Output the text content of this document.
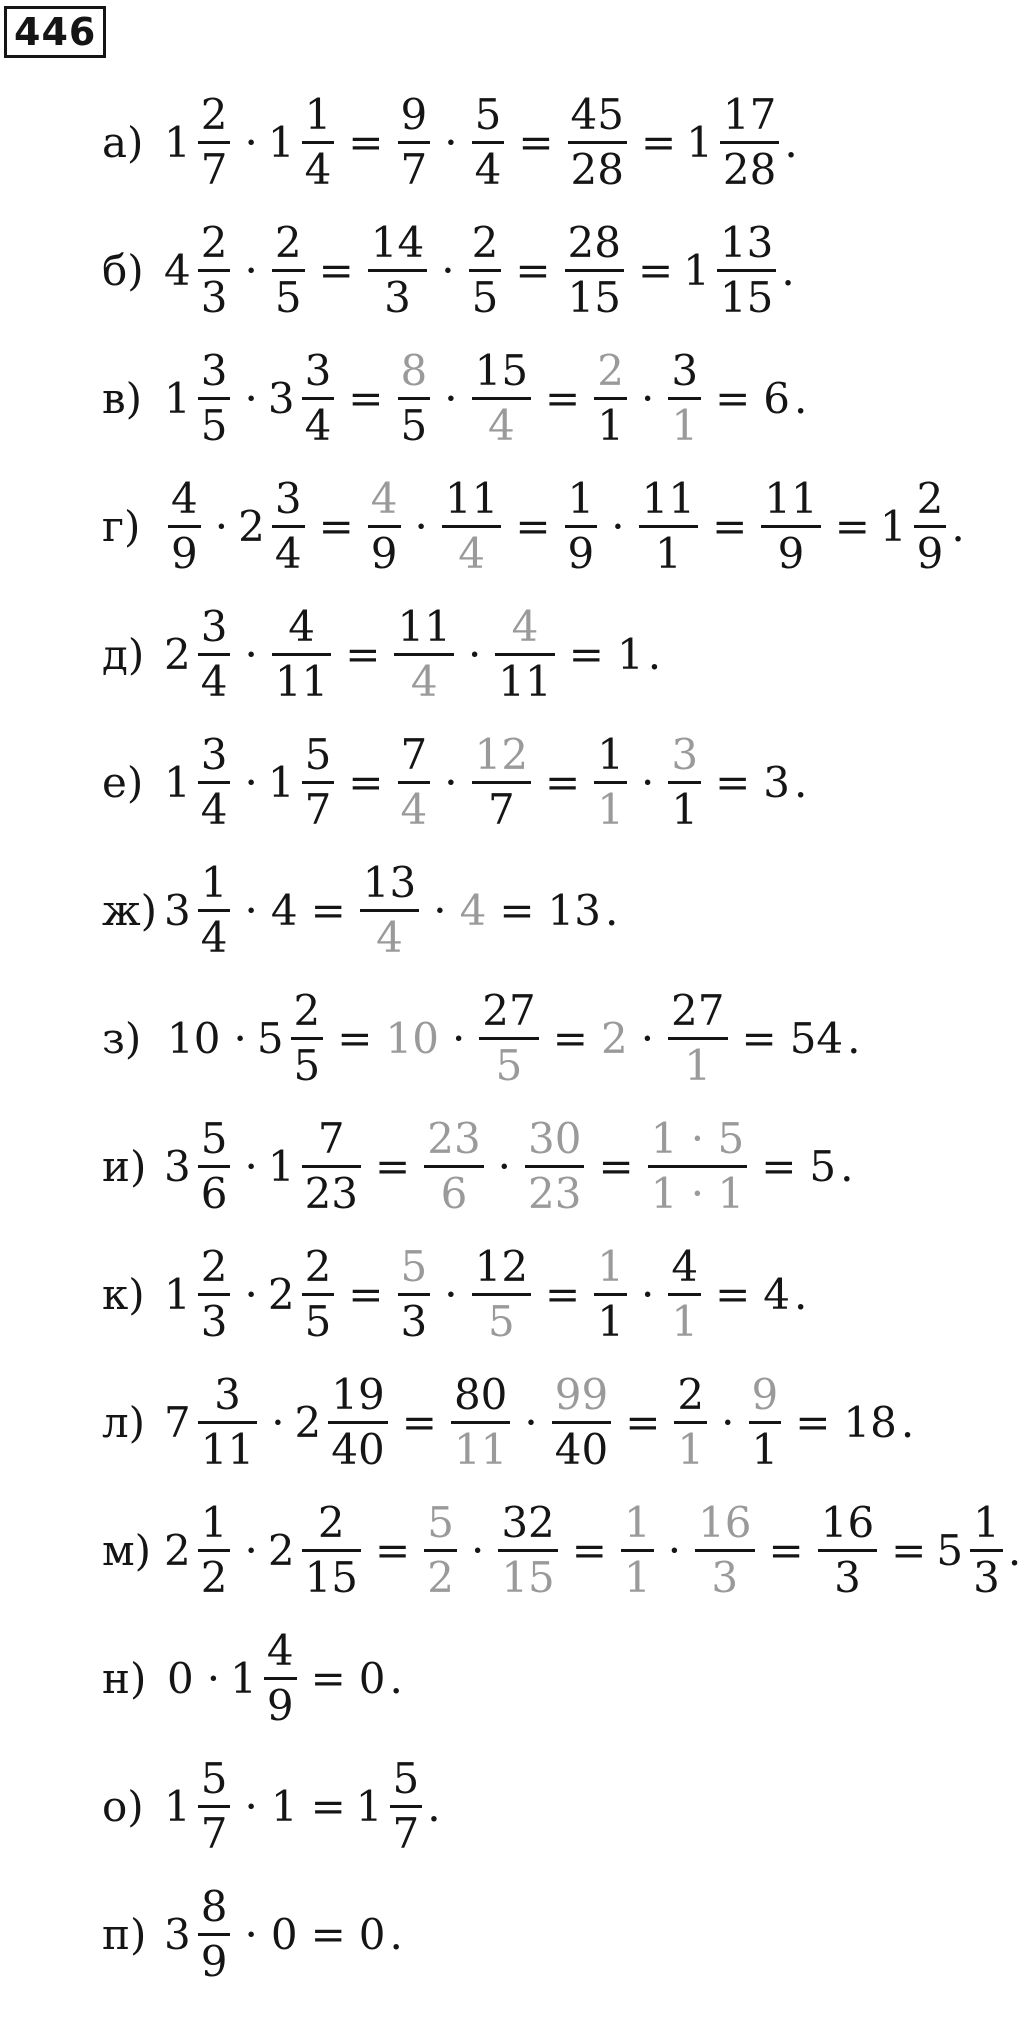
446
а) $1 \frac{2}{7} \cdot 1 \frac{1}{4} = \frac{9}{7} \cdot \frac{5}{4} = \frac{45}{28} = 1 \frac{17}{28}$ .
б) $4 \frac{2}{3} \cdot \frac{2}{5} = \frac{14}{3} \cdot \frac{2}{5} = \frac{28}{15} = 1 \frac{13}{15}$ .
в) $1 \frac{3}{5} \cdot 3 \frac{3}{4} = \frac{8}{5} \cdot \frac{15}{4} = \frac{2}{1} \cdot \frac{3}{1} = 6$ .
$г) \frac{4}{9} \cdot 2 \frac{3}{4} = \frac{4}{9} \cdot \frac{11}{4} = \frac{1}{9} \cdot \frac{11}{1} = \frac{11}{9} = 1 \frac{2}{9}$ .
д) $2 \frac{3}{4} \cdot \frac{4}{11} = \frac{11}{4} \cdot \frac{4}{11} = 1$ .
е) $1 \frac{3}{4} \cdot 1 \frac{5}{7} = \frac{7}{4} \cdot \frac{12}{7} = \frac{1}{1} \cdot \frac{3}{1} = 3$ .
ж) $3 \frac{1}{4} \cdot 4 = \frac{13}{4} \cdot 4 = 13$ .
з) $10 \cdot 5 \frac{2}{5} = 10 \cdot \frac{27}{5} = 2 \cdot \frac{27}{1} = 54$ .
и) $3 \frac{5}{6} \cdot 1 \frac{7}{23} = \frac{23}{6} \cdot \frac{30}{23} = \frac{1 \cdot 5}{1 \cdot 1} = 5$ .
к) $1 \frac{2}{3} \cdot 2 \frac{2}{5} = \frac{5}{3} \cdot \frac{12}{5} = \frac{1}{1} \cdot \frac{4}{1} = 4$ .
л) $7 \frac{3}{11} \cdot 2 \frac{19}{40} = \frac{80}{11} \cdot \frac{99}{40} = \frac{2}{1} \cdot \frac{9}{1} = 18$ .
м) $2 \frac{1}{2} \cdot 2 \frac{2}{15} = \frac{5}{2} \cdot \frac{32}{15} = \frac{1}{1} \cdot \frac{16}{3} = \frac{16}{3} = 5 \frac{1}{3}$ .
н) $0 \cdot 1 \frac{4}{9} = 0$ .
о) $1 \frac{5}{7} \cdot 1 = 1 \frac{5}{7}$ .
п) $3 \frac{8}{9} \cdot 0 = 0$ .
